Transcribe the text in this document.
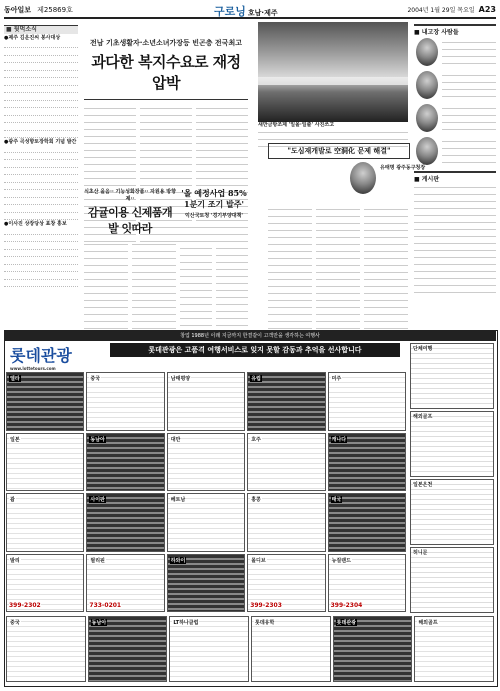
동아일보 제25869호	구로닝 호남·제주	2004년 1월 29일 목요일 A23
■ 뒷먹소식
●제주 김운진씨 봉사대상
●광주 곡성향토장학회 기념 발간
●이사진 상장당상 표창 홍보
전남 기초생활자·소년소녀가장등 빈곤층 전국최고
과다한 복지수요로 재정 압박
식초산 을음·· 기능성화장품·· 자원용 방향제··
감귤이용 신제품개발 잇따라
'올 예정사업 85% 1분기 조기 발주'
익산국토청 '경기부양대책'
새만금방조제 '일몰·일출' 사진쓰고
"도심재개발로 空洞化 문제 해결"
유태명 광주동구청장
■ 내고장 사람들
■ 게시판
창업 1988년 이래 지금까지 한결같이 고객만을 생각하는 여행사
롯데관광
www.lottetours.com
롯데관광은 고품격 여행서비스로 잊지 못할 감동과 추억을 선사합니다
엘라	중국	남태평양	유럽	미주
일본	동남아	대만	호주	캐나다
괌	사이판	베트남	홍콩	태국
발리
399-2302
필리핀
733-0201
하와이	몰디브
399-2303
뉴질랜드
399-2304
단체여행
해외골프
일본온천
허니문
중국	동남아	LT하나클럽	롯데유학	롯데관광	해외골프
